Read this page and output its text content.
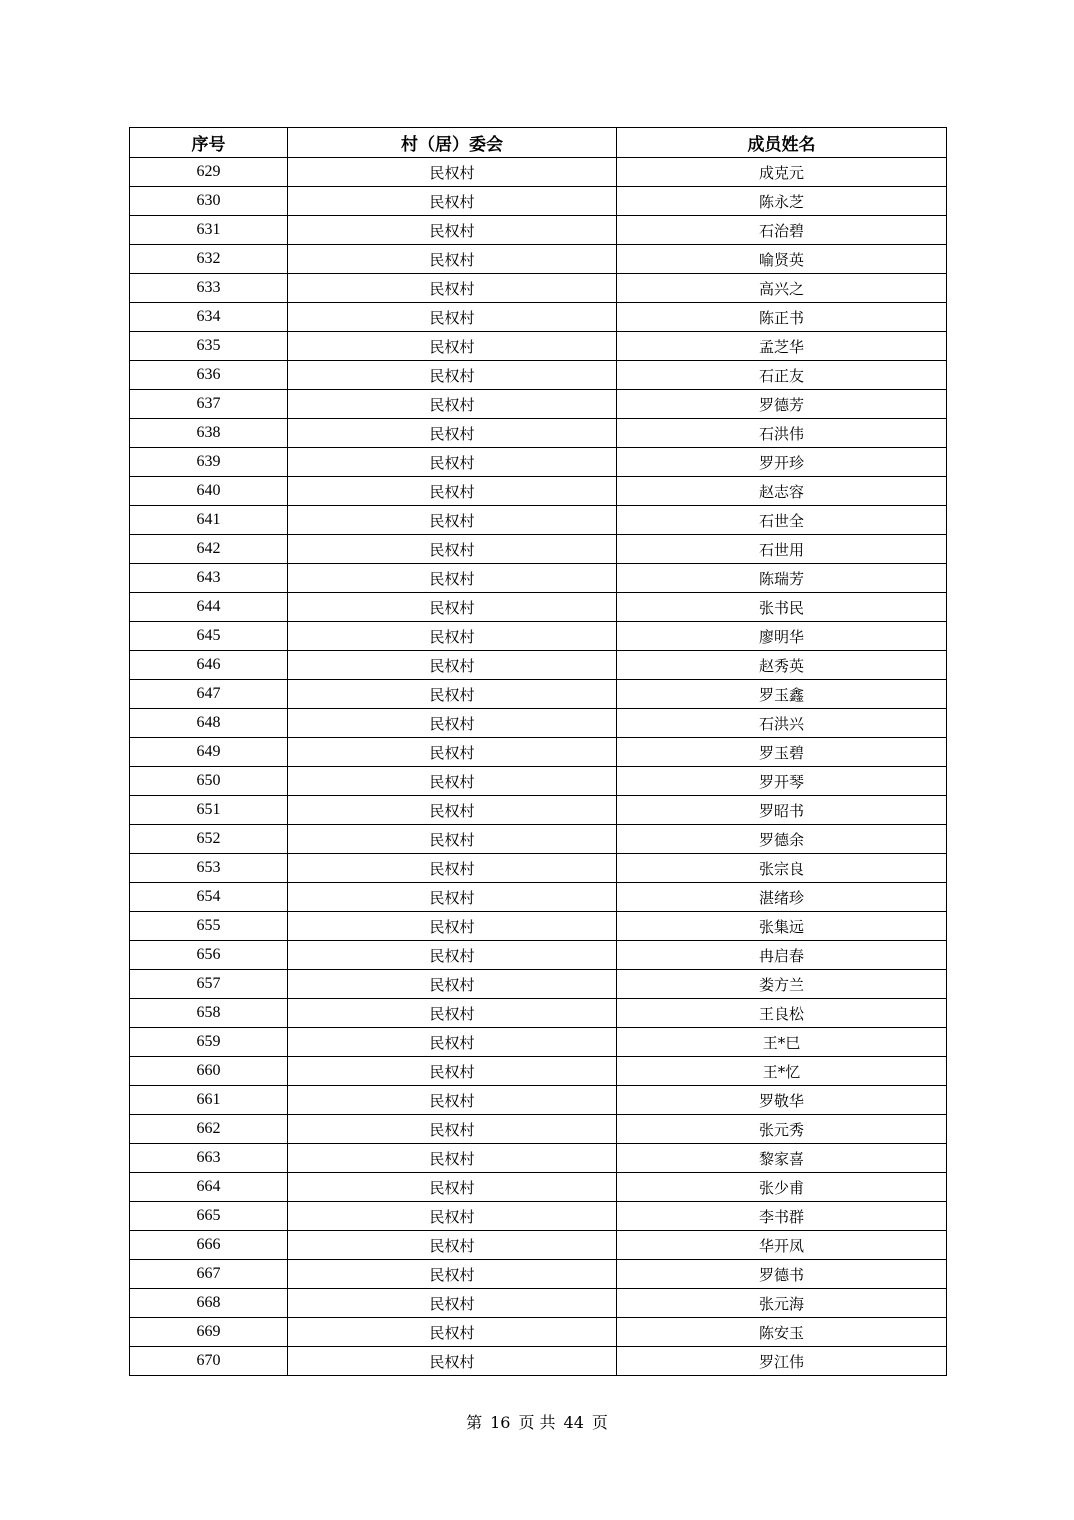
序号	村（居）委会	成员姓名
629	民权村	成克元
630	民权村	陈永芝
631	民权村	石治碧
632	民权村	喻贤英
633	民权村	高兴之
634	民权村	陈正书
635	民权村	孟芝华
636	民权村	石正友
637	民权村	罗德芳
638	民权村	石洪伟
639	民权村	罗开珍
640	民权村	赵志容
641	民权村	石世全
642	民权村	石世用
643	民权村	陈瑞芳
644	民权村	张书民
645	民权村	廖明华
646	民权村	赵秀英
647	民权村	罗玉鑫
648	民权村	石洪兴
649	民权村	罗玉碧
650	民权村	罗开琴
651	民权村	罗昭书
652	民权村	罗德余
653	民权村	张宗良
654	民权村	湛绪珍
655	民权村	张集远
656	民权村	冉启春
657	民权村	娄方兰
658	民权村	王良松
659	民权村	王*巳
660	民权村	王*忆
661	民权村	罗敬华
662	民权村	张元秀
663	民权村	黎家喜
664	民权村	张少甫
665	民权村	李书群
666	民权村	华开凤
667	民权村	罗德书
668	民权村	张元海
669	民权村	陈安玉
670	民权村	罗江伟
第 16 页 共 44 页
